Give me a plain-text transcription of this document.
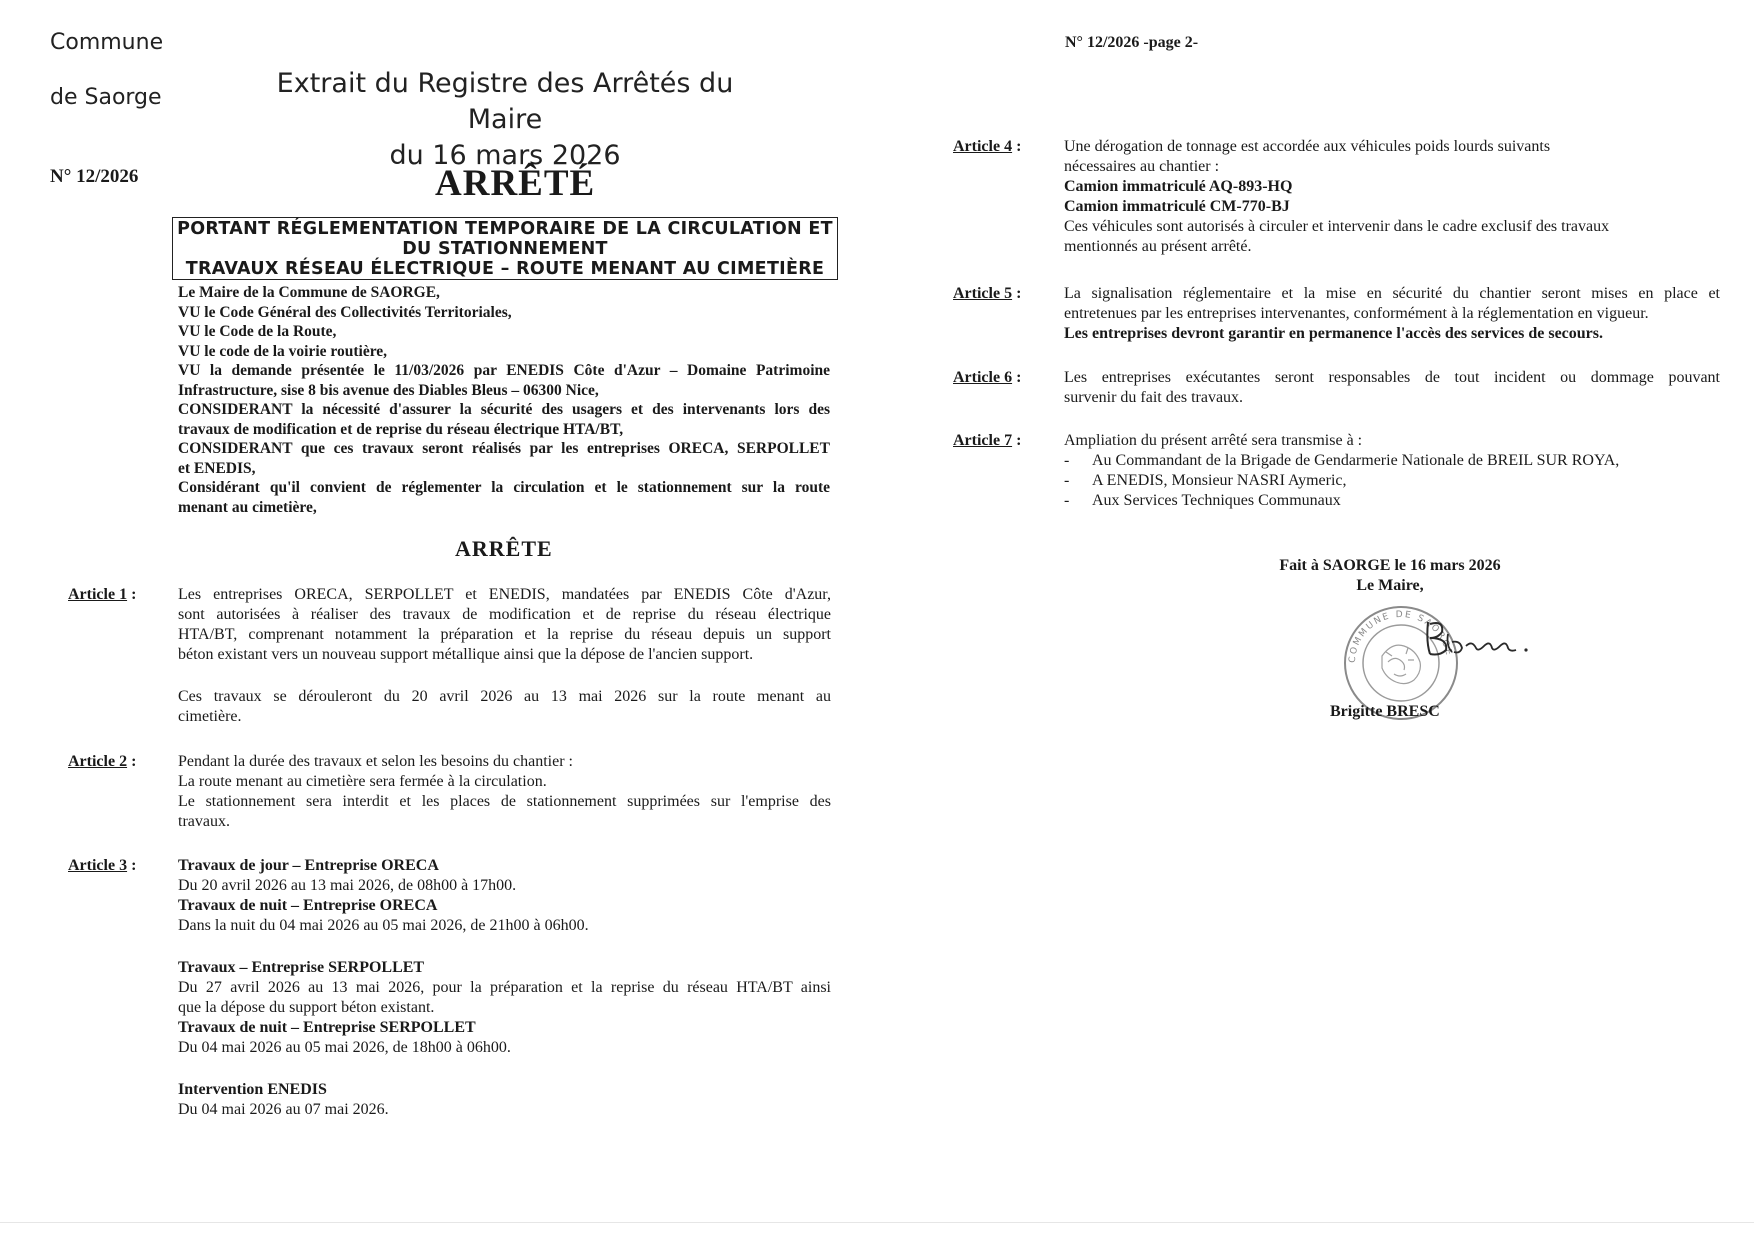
Commune
de Saorge	Extrait du Registre des Arrêtés du Maire
du 16 mars 2026
N° 12/2026	ARRÊTÉ
PORTANT RÉGLEMENTATION TEMPORAIRE DE LA CIRCULATION ET
DU STATIONNEMENT
TRAVAUX RÉSEAU ÉLECTRIQUE – ROUTE MENANT AU CIMETIÈRE
Le Maire de la Commune de SAORGE,
VU le Code Général des Collectivités Territoriales,
VU le Code de la Route,
VU le code de la voirie routière,
VU la demande présentée le 11/03/2026 par ENEDIS Côte d'Azur – Domaine Patrimoine
Infrastructure, sise 8 bis avenue des Diables Bleus – 06300 Nice,
CONSIDERANT la nécessité d'assurer la sécurité des usagers et des intervenants lors des
travaux de modification et de reprise du réseau électrique HTA/BT,
CONSIDERANT que ces travaux seront réalisés par les entreprises ORECA, SERPOLLET
et ENEDIS,
Considérant qu'il convient de réglementer la circulation et le stationnement sur la route
menant au cimetière,
ARRÊTE
Article 1 :	Les entreprises ORECA, SERPOLLET et ENEDIS, mandatées par ENEDIS Côte d'Azur,
sont autorisées à réaliser des travaux de modification et de reprise du réseau électrique
HTA/BT, comprenant notamment la préparation et la reprise du réseau depuis un support
béton existant vers un nouveau support métallique ainsi que la dépose de l'ancien support.
Ces travaux se dérouleront du 20 avril 2026 au 13 mai 2026 sur la route menant au
cimetière.
Article 2 :	Pendant la durée des travaux et selon les besoins du chantier :
La route menant au cimetière sera fermée à la circulation.
Le stationnement sera interdit et les places de stationnement supprimées sur l'emprise des
travaux.
Article 3 :	Travaux de jour – Entreprise ORECA
Du 20 avril 2026 au 13 mai 2026, de 08h00 à 17h00.
Travaux de nuit – Entreprise ORECA
Dans la nuit du 04 mai 2026 au 05 mai 2026, de 21h00 à 06h00.
Travaux – Entreprise SERPOLLET
Du 27 avril 2026 au 13 mai 2026, pour la préparation et la reprise du réseau HTA/BT ainsi
que la dépose du support béton existant.
Travaux de nuit – Entreprise SERPOLLET
Du 04 mai 2026 au 05 mai 2026, de 18h00 à 06h00.
Intervention ENEDIS
Du 04 mai 2026 au 07 mai 2026.
N° 12/2026 -page 2-
Article 4 :	Une dérogation de tonnage est accordée aux véhicules poids lourds suivants
nécessaires au chantier :
Camion immatriculé AQ-893-HQ
Camion immatriculé CM-770-BJ
Ces véhicules sont autorisés à circuler et intervenir dans le cadre exclusif des travaux
mentionnés au présent arrêté.
Article 5 :	La signalisation réglementaire et la mise en sécurité du chantier seront mises en place et
entretenues par les entreprises intervenantes, conformément à la réglementation en vigueur.
Les entreprises devront garantir en permanence l'accès des services de secours.
Article 6 :	Les entreprises exécutantes seront responsables de tout incident ou dommage pouvant
survenir du fait des travaux.
Article 7 :	Ampliation du présent arrêté sera transmise à :
- Au Commandant de la Brigade de Gendarmerie Nationale de BREIL SUR ROYA,
- A ENEDIS, Monsieur NASRI Aymeric,
- Aux Services Techniques Communaux
Fait à SAORGE le 16 mars 2026
Le Maire,
COMMUNE DE SAORGE
Brigitte BRESC
